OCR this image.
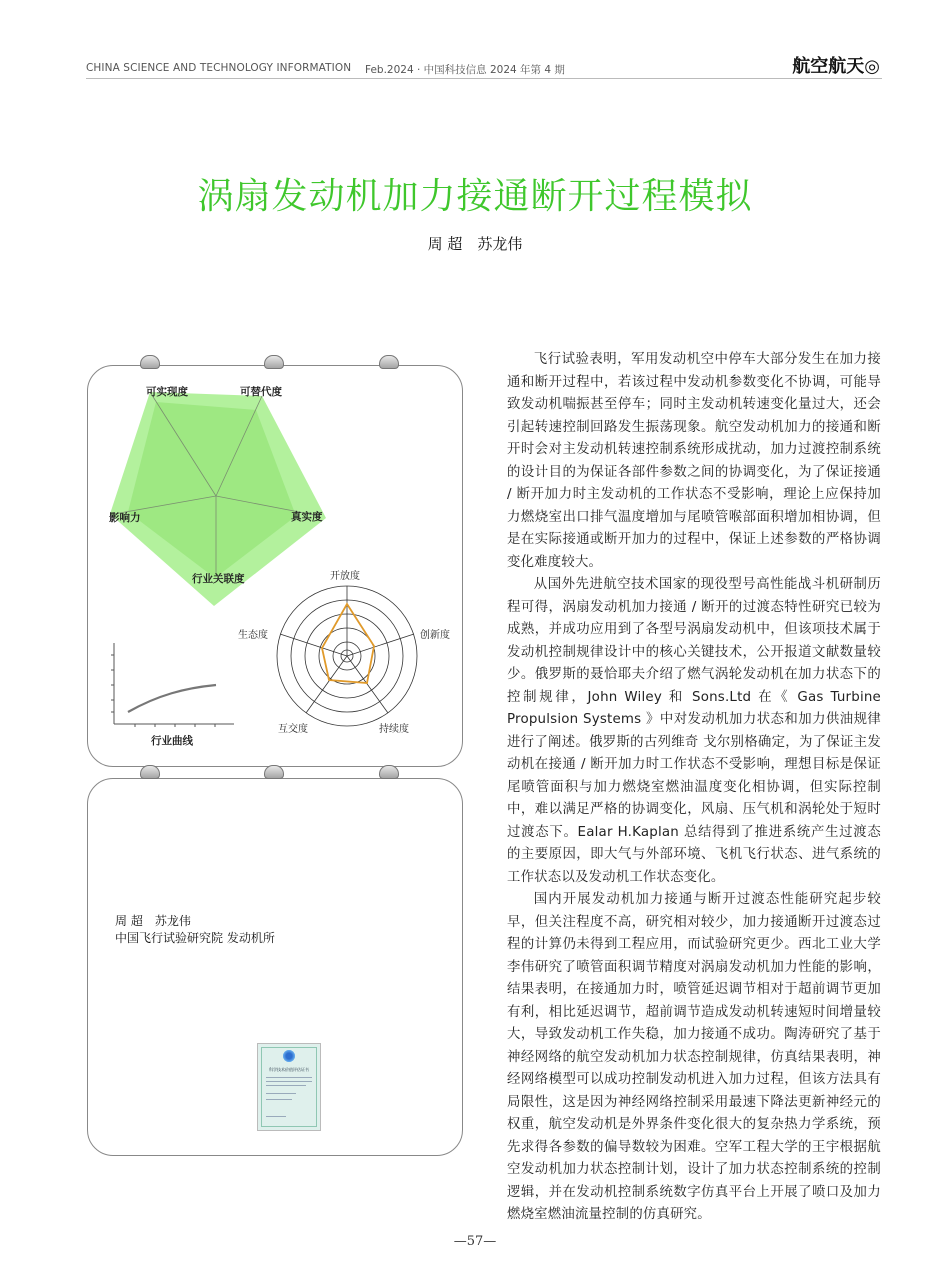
CHINA SCIENCE AND TECHNOLOGY INFORMATION Feb.2024 · 中国科技信息 2024 年第 4 期	航空航天◎
涡扇发动机加力接通断开过程模拟
周 超　苏龙伟
可实现度	可替代度
真实度
行业关联度
影响力
开放度
创新度
持续度
互交度
生态度
行业曲线
周 超　苏龙伟
中国飞行试验研究院 发动机所
科学技术价值评估证书

飞行试验表明，军用发动机空中停车大部分发生在加力接通和断开过程中，若该过程中发动机参数变化不协调，可能导致发动机喘振甚至停车；同时主发动机转速变化量过大，还会引起转速控制回路发生振荡现象。航空发动机加力的接通和断开时会对主发动机转速控制系统形成扰动，加力过渡控制系统的设计目的为保证各部件参数之间的协调变化，为了保证接通 / 断开加力时主发动机的工作状态不受影响，理论上应保持加力燃烧室出口排气温度增加与尾喷管喉部面积增加相协调，但是在实际接通或断开加力的过程中，保证上述参数的严格协调变化难度较大。

从国外先进航空技术国家的现役型号高性能战斗机研制历程可得，涡扇发动机加力接通 / 断开的过渡态特性研究已较为成熟，并成功应用到了各型号涡扇发动机中，但该项技术属于发动机控制规律设计中的核心关键技术，公开报道文献数量较少。俄罗斯的聂恰耶夫介绍了燃气涡轮发动机在加力状态下的控制规律，John Wiley 和 Sons.Ltd 在《 Gas Turbine Propulsion Systems 》中对发动机加力状态和加力供油规律进行了阐述。俄罗斯的古列维奇 戈尔别格确定，为了保证主发动机在接通 / 断开加力时工作状态不受影响，理想目标是保证尾喷管面积与加力燃烧室燃油温度变化相协调，但实际控制中，难以满足严格的协调变化，风扇、压气机和涡轮处于短时过渡态下。Ealar H.Kaplan 总结得到了推进系统产生过渡态的主要原因，即大气与外部环境、飞机飞行状态、进气系统的工作状态以及发动机工作状态变化。

国内开展发动机加力接通与断开过渡态性能研究起步较早，但关注程度不高，研究相对较少，加力接通断开过渡态过程的计算仍未得到工程应用，而试验研究更少。西北工业大学李伟研究了喷管面积调节精度对涡扇发动机加力性能的影响，结果表明，在接通加力时，喷管延迟调节相对于超前调节更加有利，相比延迟调节，超前调节造成发动机转速短时间增量较大，导致发动机工作失稳，加力接通不成功。陶涛研究了基于神经网络的航空发动机加力状态控制规律，仿真结果表明，神经网络模型可以成功控制发动机进入加力过程，但该方法具有局限性，这是因为神经网络控制采用最速下降法更新神经元的权重，航空发动机是外界条件变化很大的复杂热力学系统，预先求得各参数的偏导数较为困难。空军工程大学的王宇根据航空发动机加力状态控制计划，设计了加力状态控制系统的控制逻辑，并在发动机控制系统数字仿真平台上开展了喷口及加力燃烧室燃油流量控制的仿真研究。

—57—
